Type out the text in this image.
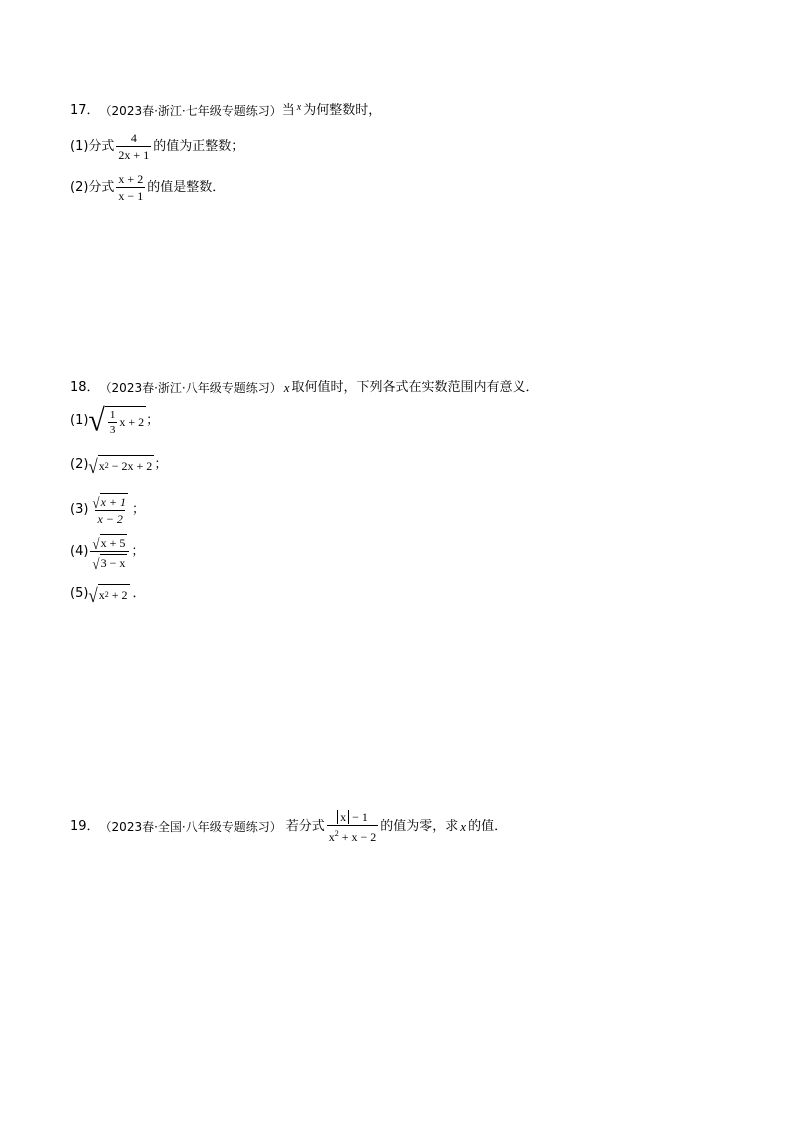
17． （2023春·浙江·七年级专题练习） 当 x 为何整数时，
(1)分式 $\frac{4}{2x + 1}$ 的值为正整数；
(2)分式 $\frac{x + 2}{x - 1}$ 的值是整数．
18． （2023春·浙江·八年级专题练习） x 取何值时，下列各式在实数范围内有意义．
(1) √ $\frac{1}{3}$ x + 2 ；
(2) √ x 2 − 2x + 2 ；
$(3) \frac{√ x + 1}{x - 2}$ ；
$(4) \frac{√ x + 5}{√ 3 - x}$ ；
(5) √ x 2 + 2 ．
19． （2023春·全国·八年级专题练习） 若分式 $\frac{x - 1}{x^2 + x - 2}$ 的值为零，求 x 的值．
